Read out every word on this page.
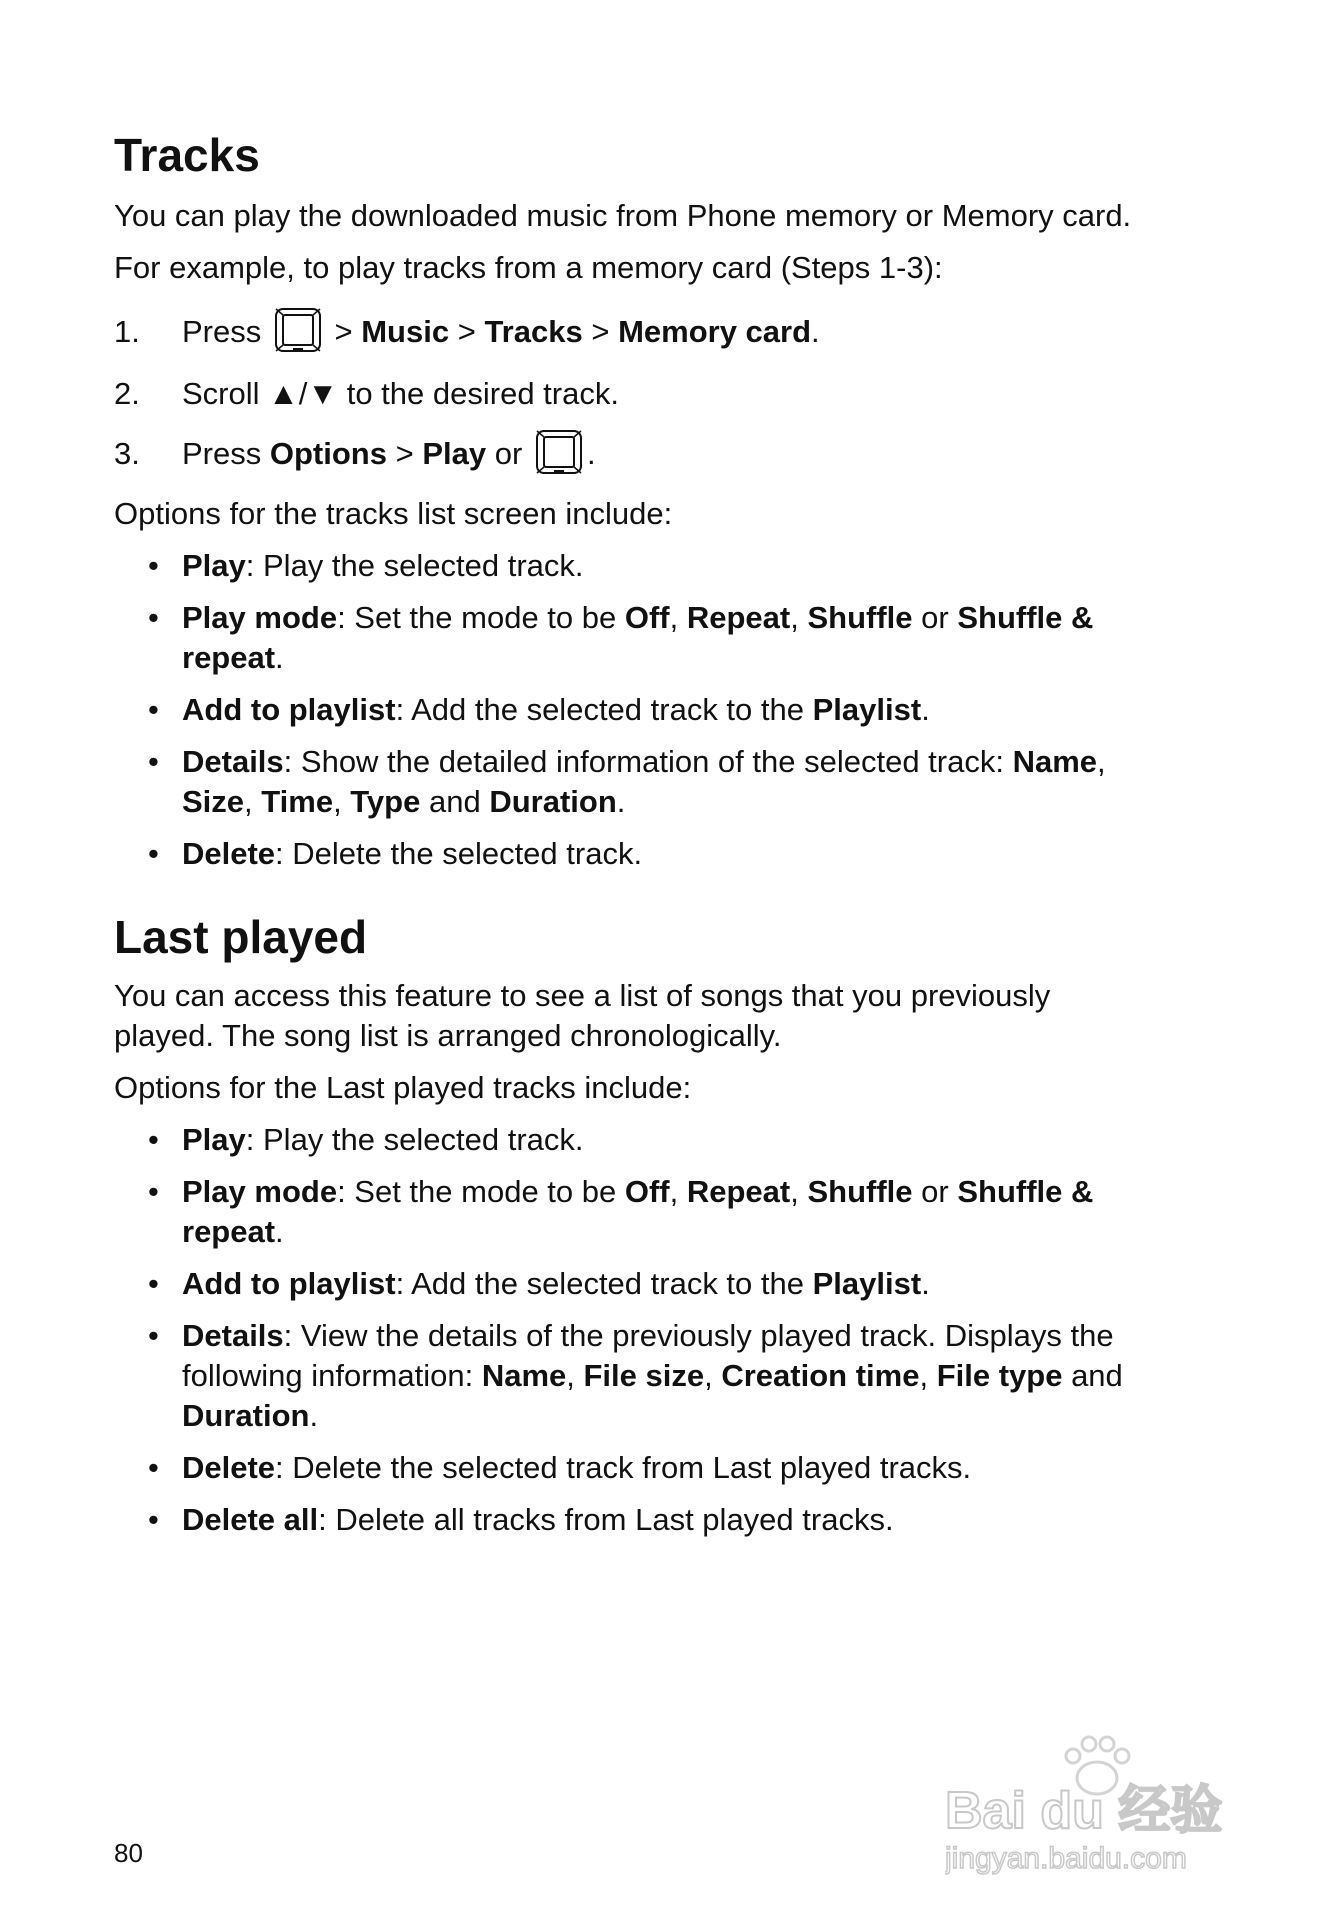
Tracks
You can play the downloaded music from Phone memory or Memory card.
For example, to play tracks from a memory card (Steps 1-3):
1. Press > Music > Tracks > Memory card.
2. Scroll ▲/▼ to the desired track.
3. Press Options > Play or .
Options for the tracks list screen include:
• Play: Play the selected track.
• Play mode: Set the mode to be Off, Repeat, Shuffle or Shuffle &
repeat.
• Add to playlist: Add the selected track to the Playlist.
• Details: Show the detailed information of the selected track: Name,
Size, Time, Type and Duration.
• Delete: Delete the selected track.
Last played
You can access this feature to see a list of songs that you previously
played. The song list is arranged chronologically.
Options for the Last played tracks include:
• Play: Play the selected track.
• Play mode: Set the mode to be Off, Repeat, Shuffle or Shuffle &
repeat.
• Add to playlist: Add the selected track to the Playlist.
• Details: View the details of the previously played track. Displays the
following information: Name, File size, Creation time, File type and
Duration.
• Delete: Delete the selected track from Last played tracks.
• Delete all: Delete all tracks from Last played tracks.
80
Bai du 经验
jingyan.baidu.com
